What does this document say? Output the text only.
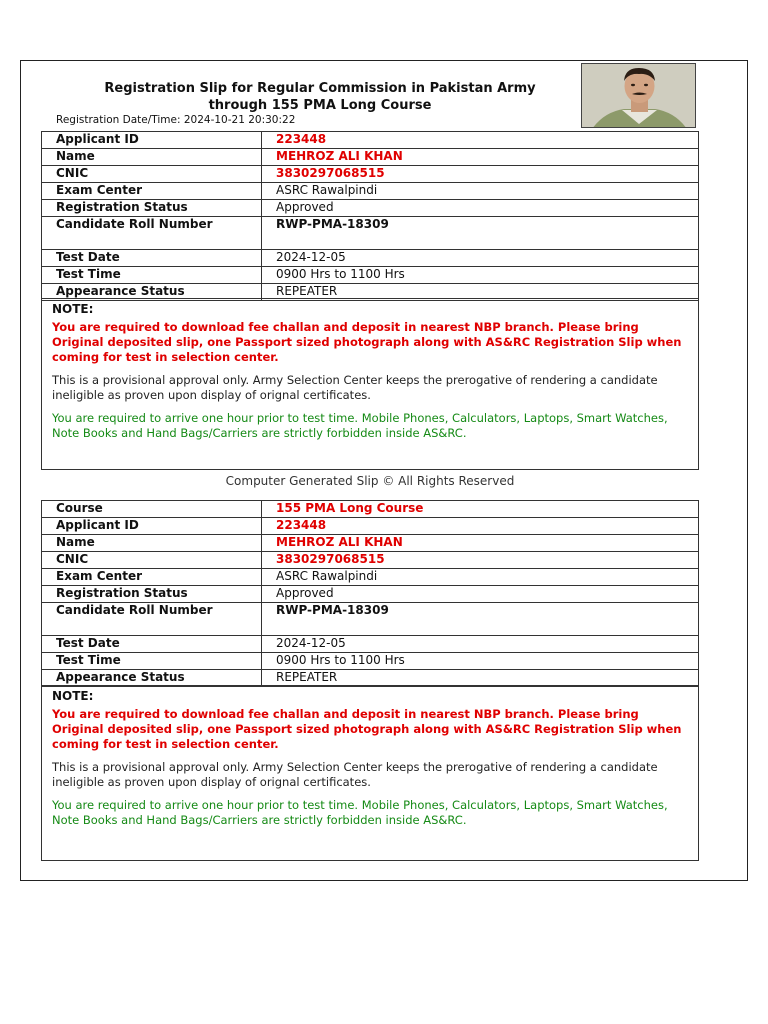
Registration Slip for Regular Commission in Pakistan Army
through 155 PMA Long Course
Registration Date/Time: 2024-10-21 20:30:22
Applicant ID	223448
Name	MEHROZ ALI KHAN
CNIC	3830297068515
Exam Center	ASRC Rawalpindi
Registration Status	Approved
Candidate Roll Number	RWP-PMA-18309
Test Date	2024-12-05
Test Time	0900 Hrs to 1100 Hrs
Appearance Status	REPEATER
NOTE:
You are required to download fee challan and deposit in nearest NBP branch. Please bring Original deposited slip, one Passport sized photograph along with AS&RC Registration Slip when coming for test in selection center.
This is a provisional approval only. Army Selection Center keeps the prerogative of rendering a candidate ineligible as proven upon display of orignal certificates.
You are required to arrive one hour prior to test time. Mobile Phones, Calculators, Laptops, Smart Watches, Note Books and Hand Bags/Carriers are strictly forbidden inside AS&RC.
Computer Generated Slip © All Rights Reserved
Course	155 PMA Long Course
Applicant ID	223448
Name	MEHROZ ALI KHAN
CNIC	3830297068515
Exam Center	ASRC Rawalpindi
Registration Status	Approved
Candidate Roll Number	RWP-PMA-18309
Test Date	2024-12-05
Test Time	0900 Hrs to 1100 Hrs
Appearance Status	REPEATER
NOTE:
You are required to download fee challan and deposit in nearest NBP branch. Please bring Original deposited slip, one Passport sized photograph along with AS&RC Registration Slip when coming for test in selection center.
This is a provisional approval only. Army Selection Center keeps the prerogative of rendering a candidate ineligible as proven upon display of orignal certificates.
You are required to arrive one hour prior to test time. Mobile Phones, Calculators, Laptops, Smart Watches, Note Books and Hand Bags/Carriers are strictly forbidden inside AS&RC.
